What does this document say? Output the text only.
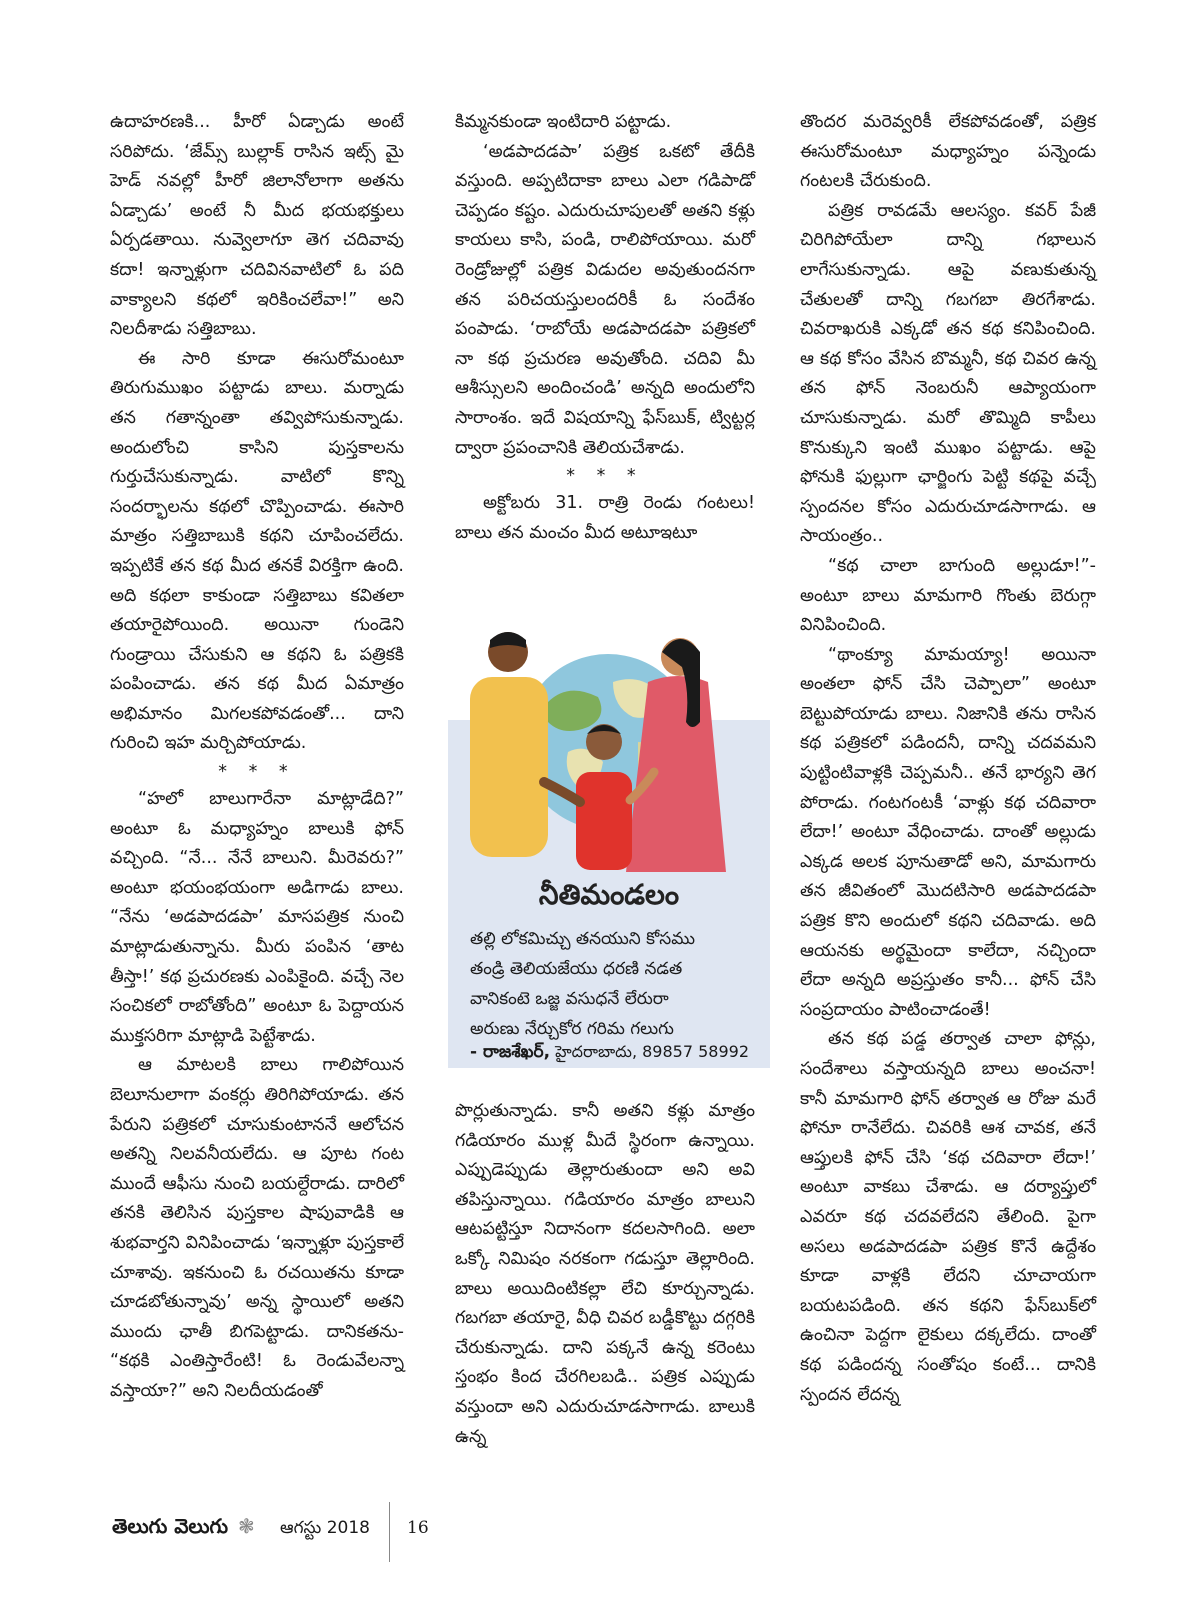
ఉదాహరణకి... హీరో ఏడ్చాడు అంటే సరిపోదు. ‘జేమ్స్ బుల్లాక్ రాసిన ఇట్స్ మై హెడ్ నవల్లో హీరో జిలానోలాగా అతను ఏడ్చాడు’ అంటే నీ మీద భయభక్తులు ఏర్పడతాయి. నువ్వెలాగూ తెగ చదివావు కదా! ఇన్నాళ్లుగా చదివినవాటిలో ఓ పది వాక్యాలని కథలో ఇరికించలేవా!” అని నిలదీశాడు సత్తిబాబు.

ఈ సారి కూడా ఈసురోమంటూ తిరుగుముఖం పట్టాడు బాలు. మర్నాడు తన గతాన్నంతా తవ్విపోసుకున్నాడు. అందులోంచి కాసిని పుస్తకాలను గుర్తుచేసుకున్నాడు. వాటిలో కొన్ని సందర్భాలను కథలో చొప్పించాడు. ఈసారి మాత్రం సత్తిబాబుకి కథని చూపించలేదు. ఇప్పటికే తన కథ మీద తనకే విరక్తిగా ఉంది. అది కథలా కాకుండా సత్తిబాబు కవితలా తయారైపోయింది. అయినా గుండెని గుండ్రాయి చేసుకుని ఆ కథని ఓ పత్రికకి పంపించాడు. తన కథ మీద ఏమాత్రం అభిమానం మిగలకపోవడంతో... దాని గురించి ఇహ మర్చిపోయాడు.

* * *

“హలో బాలుగారేనా మాట్లాడేది?” అంటూ ఓ మధ్యాహ్నం బాలుకి ఫోన్ వచ్చింది. “నే... నేనే బాలుని. మీరెవరు?” అంటూ భయంభయంగా అడిగాడు బాలు. “నేను ‘అడపాదడపా’ మాసపత్రిక నుంచి మాట్లాడుతున్నాను. మీరు పంపిన ‘తాట తీస్తా!’ కథ ప్రచురణకు ఎంపికైంది. వచ్చే నెల సంచికలో రాబోతోంది” అంటూ ఓ పెద్దాయన ముక్తసరిగా మాట్లాడి పెట్టేశాడు.

ఆ మాటలకి బాలు గాలిపోయిన బెలూనులాగా వంకర్లు తిరిగిపోయాడు. తన పేరుని పత్రికలో చూసుకుంటాననే ఆలోచన అతన్ని నిలవనీయలేదు. ఆ పూట గంట ముందే ఆఫీసు నుంచి బయల్దేరాడు. దారిలో తనకి తెలిసిన పుస్తకాల షాపువాడికి ఆ శుభవార్తని వినిపించాడు ‘ఇన్నాళ్లూ పుస్తకాలే చూశావు. ఇకనుంచి ఓ రచయితను కూడా చూడబోతున్నావు’ అన్న స్థాయిలో అతని ముందు ఛాతీ బిగపెట్టాడు. దానికతను- “కథకి ఎంతిస్తారేంటి! ఓ రెండువేలన్నా వస్తాయా?” అని నిలదీయడంతో

కిమ్మనకుండా ఇంటిదారి పట్టాడు.

‘అడపాదడపా’ పత్రిక ఒకటో తేదీకి వస్తుంది. అప్పటిదాకా బాలు ఎలా గడిపాడో చెప్పడం కష్టం. ఎదురుచూపులతో అతని కళ్లు కాయలు కాసి, పండి, రాలిపోయాయి. మరో రెండ్రోజుల్లో పత్రిక విడుదల అవుతుందనగా తన పరిచయస్తులందరికీ ఓ సందేశం పంపాడు. ‘రాబోయే అడపాదడపా పత్రికలో నా కథ ప్రచురణ అవుతోంది. చదివి మీ ఆశీస్సులని అందించండి’ అన్నది అందులోని సారాంశం. ఇదే విషయాన్ని ఫేస్‌బుక్, ట్విట్టర్ల ద్వారా ప్రపంచానికి తెలియచేశాడు.

* * *

అక్టోబరు 31. రాత్రి రెండు గంటలు! బాలు తన మంచం మీద అటూఇటూ

నీతిమండలం
తల్లి లోకమిచ్చు తనయుని కోసము
తండ్రి తెలియజేయు ధరణి నడత
వానికంటె ఒజ్జ వసుధనే లేరురా
అరుణు నేర్చుకోర గరిమ గలుగు
- రాజశేఖర్, హైదరాబాదు, 89857 58992

పొర్లుతున్నాడు. కానీ అతని కళ్లు మాత్రం గడియారం ముళ్ల మీదే స్థిరంగా ఉన్నాయి. ఎప్పుడెప్పుడు తెల్లారుతుందా అని అవి తపిస్తున్నాయి. గడియారం మాత్రం బాలుని ఆటపట్టిస్తూ నిదానంగా కదలసాగింది. అలా ఒక్కో నిమిషం నరకంగా గడుస్తూ తెల్లారింది. బాలు అయిదింటికల్లా లేచి కూర్చున్నాడు. గబగబా తయారై, వీధి చివర బడ్డీకొట్టు దగ్గరికి చేరుకున్నాడు. దాని పక్కనే ఉన్న కరెంటు స్తంభం కింద చేరగిలబడి.. పత్రిక ఎప్పుడు వస్తుందా అని ఎదురుచూడసాగాడు. బాలుకి ఉన్న

తొందర మరెవ్వరికీ లేకపోవడంతో, పత్రిక ఈసురోమంటూ మధ్యాహ్నం పన్నెండు గంటలకి చేరుకుంది.

పత్రిక రావడమే ఆలస్యం. కవర్ పేజీ చిరిగిపోయేలా దాన్ని గభాలున లాగేసుకున్నాడు. ఆపై వణుకుతున్న చేతులతో దాన్ని గబగబా తిరగేశాడు. చివరాఖరుకి ఎక్కడో తన కథ కనిపించింది. ఆ కథ కోసం వేసిన బొమ్మనీ, కథ చివర ఉన్న తన ఫోన్ నెంబరునీ ఆప్యాయంగా చూసుకున్నాడు. మరో తొమ్మిది కాపీలు కొనుక్కుని ఇంటి ముఖం పట్టాడు. ఆపై ఫోనుకి ఫుల్లుగా ఛార్జింగు పెట్టి కథపై వచ్చే స్పందనల కోసం ఎదురుచూడసాగాడు. ఆ సాయంత్రం..

“కథ చాలా బాగుంది అల్లుడూ!”- అంటూ బాలు మామగారి గొంతు బెరుగ్గా వినిపించింది.

“థాంక్యూ మామయ్యా! అయినా అంతలా ఫోన్ చేసి చెప్పాలా” అంటూ బెట్టుపోయాడు బాలు. నిజానికి తను రాసిన కథ పత్రికలో పడిందనీ, దాన్ని చదవమని పుట్టింటివాళ్లకి చెప్పమనీ.. తనే భార్యని తెగ పోరాడు. గంటగంటకీ ‘వాళ్లు కథ చదివారా లేదా!’ అంటూ వేధించాడు. దాంతో అల్లుడు ఎక్కడ అలక పూనుతాడో అని, మామగారు తన జీవితంలో మొదటిసారి అడపాదడపా పత్రిక కొని అందులో కథని చదివాడు. అది ఆయనకు అర్థమైందా కాలేదా, నచ్చిందా లేదా అన్నది అప్రస్తుతం కానీ... ఫోన్ చేసి సంప్రదాయం పాటించాడంతే!

తన కథ పడ్డ తర్వాత చాలా ఫోన్లు, సందేశాలు వస్తాయన్నది బాలు అంచనా! కానీ మామగారి ఫోన్ తర్వాత ఆ రోజు మరే ఫోనూ రానేలేదు. చివరికి ఆశ చావక, తనే ఆప్తులకి ఫోన్ చేసి ‘కథ చదివారా లేదా!’ అంటూ వాకబు చేశాడు. ఆ దర్యాప్తులో ఎవరూ కథ చదవలేదని తేలింది. పైగా అసలు అడపాదడపా పత్రిక కొనే ఉద్దేశం కూడా వాళ్లకి లేదని చూచాయగా బయటపడింది. తన కథని ఫేస్‌బుక్‌లో ఉంచినా పెద్దగా లైకులు దక్కలేదు. దాంతో కథ పడిందన్న సంతోషం కంటే... దానికి స్పందన లేదన్న

తెలుగు వెలుగు ❃ ఆగస్టు 2018 16
